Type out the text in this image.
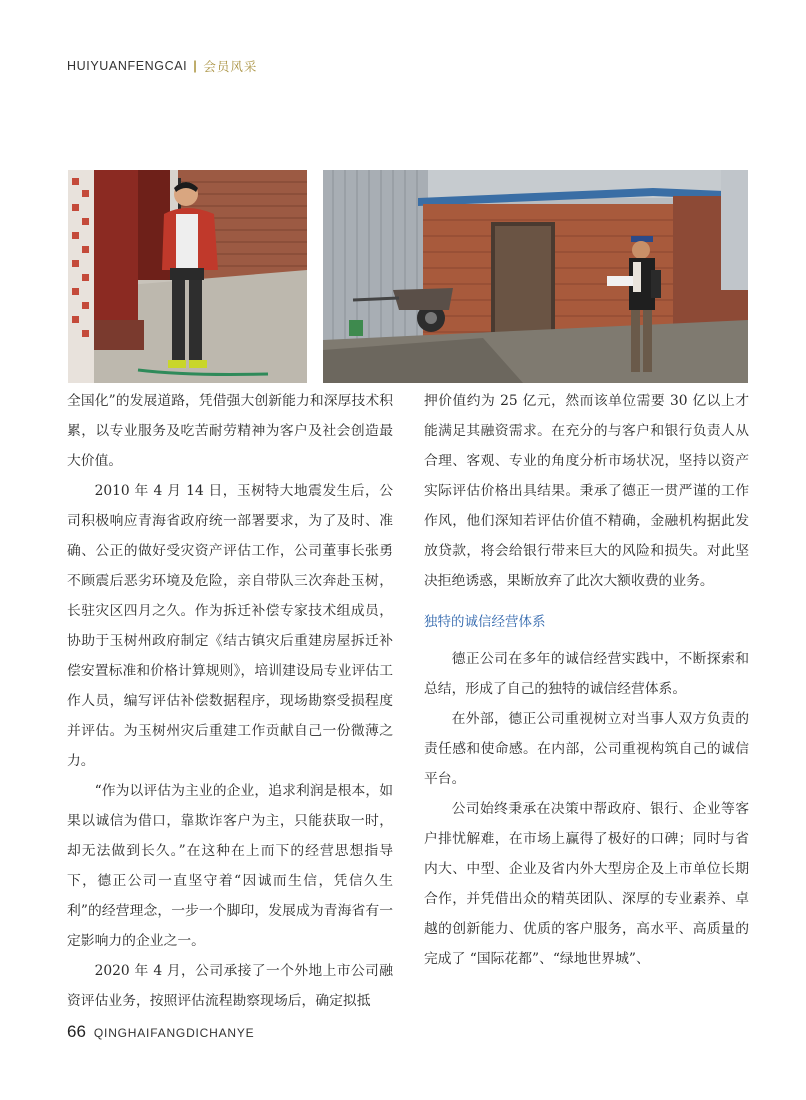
HUIYUANFENGCAI | 会员风采

全国化”的发展道路，凭借强大创新能力和深厚技术积累，以专业服务及吃苦耐劳精神为客户及社会创造最大价值。

2010 年 4 月 14 日，玉树特大地震发生后，公司积极响应青海省政府统一部署要求，为了及时、准确、公正的做好受灾资产评估工作，公司董事长张勇不顾震后恶劣环境及危险，亲自带队三次奔赴玉树，长驻灾区四月之久。作为拆迁补偿专家技术组成员，协助于玉树州政府制定《结古镇灾后重建房屋拆迁补偿安置标准和价格计算规则》，培训建设局专业评估工作人员，编写评估补偿数据程序，现场勘察受损程度并评估。为玉树州灾后重建工作贡献自己一份微薄之力。

“作为以评估为主业的企业，追求利润是根本，如果以诚信为借口，靠欺诈客户为主，只能获取一时，却无法做到长久。”在这种在上而下的经营思想指导下，德正公司一直坚守着“因诚而生信，凭信久生利”的经营理念，一步一个脚印，发展成为青海省有一定影响力的企业之一。

2020 年 4 月，公司承接了一个外地上市公司融资评估业务，按照评估流程勘察现场后，确定拟抵

押价值约为 25 亿元，然而该单位需要 30 亿以上才能满足其融资需求。在充分的与客户和银行负责人从合理、客观、专业的角度分析市场状况，坚持以资产实际评估价格出具结果。秉承了德正一贯严谨的工作作风，他们深知若评估价值不精确，金融机构据此发放贷款，将会给银行带来巨大的风险和损失。对此坚决拒绝诱惑，果断放弃了此次大额收费的业务。

独特的诚信经营体系

德正公司在多年的诚信经营实践中，不断探索和总结，形成了自己的独特的诚信经营体系。

在外部，德正公司重视树立对当事人双方负责的责任感和使命感。在内部，公司重视构筑自己的诚信平台。

公司始终秉承在决策中帮政府、银行、企业等客户排忧解难，在市场上赢得了极好的口碑；同时与省内大、中型、企业及省内外大型房企及上市单位长期合作，并凭借出众的精英团队、深厚的专业素养、卓越的创新能力、优质的客户服务，高水平、高质量的完成了 “国际花都”、“绿地世界城”、

66 QINGHAIFANGDICHANYE
